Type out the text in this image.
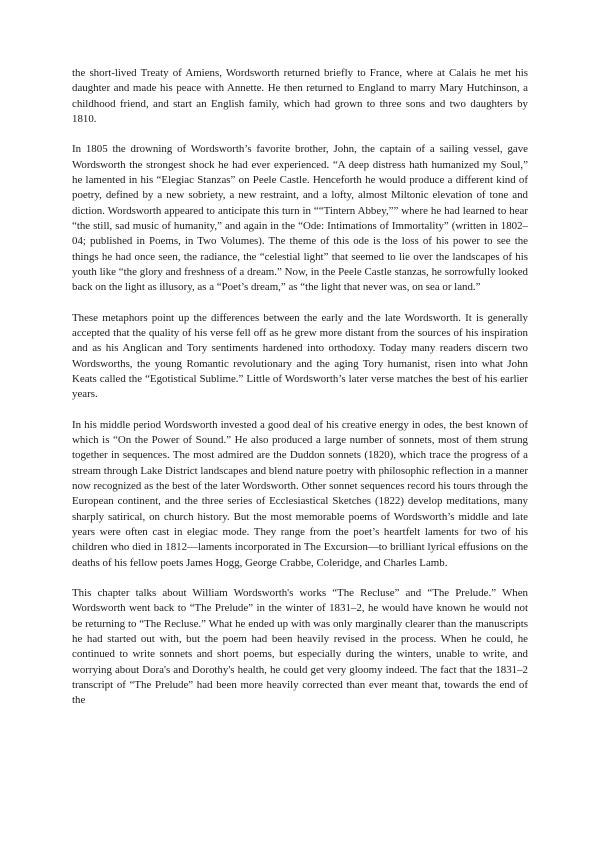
the short-lived Treaty of Amiens, Wordsworth returned briefly to France, where at Calais he met his daughter and made his peace with Annette. He then returned to England to marry Mary Hutchinson, a childhood friend, and start an English family, which had grown to three sons and two daughters by 1810.

In 1805 the drowning of Wordsworth’s favorite brother, John, the captain of a sailing vessel, gave Wordsworth the strongest shock he had ever experienced. “A deep distress hath humanized my Soul,” he lamented in his “Elegiac Stanzas” on Peele Castle. Henceforth he would produce a different kind of poetry, defined by a new sobriety, a new restraint, and a lofty, almost Miltonic elevation of tone and diction. Wordsworth appeared to anticipate this turn in ““Tintern Abbey,”” where he had learned to hear “the still, sad music of humanity,” and again in the “Ode: Intimations of Immortality” (written in 1802–04; published in Poems, in Two Volumes). The theme of this ode is the loss of his power to see the things he had once seen, the radiance, the “celestial light” that seemed to lie over the landscapes of his youth like “the glory and freshness of a dream.” Now, in the Peele Castle stanzas, he sorrowfully looked back on the light as illusory, as a “Poet’s dream,” as “the light that never was, on sea or land.”

These metaphors point up the differences between the early and the late Wordsworth. It is generally accepted that the quality of his verse fell off as he grew more distant from the sources of his inspiration and as his Anglican and Tory sentiments hardened into orthodoxy. Today many readers discern two Wordsworths, the young Romantic revolutionary and the aging Tory humanist, risen into what John Keats called the “Egotistical Sublime.” Little of Wordsworth’s later verse matches the best of his earlier years.

In his middle period Wordsworth invested a good deal of his creative energy in odes, the best known of which is “On the Power of Sound.” He also produced a large number of sonnets, most of them strung together in sequences. The most admired are the Duddon sonnets (1820), which trace the progress of a stream through Lake District landscapes and blend nature poetry with philosophic reflection in a manner now recognized as the best of the later Wordsworth. Other sonnet sequences record his tours through the European continent, and the three series of Ecclesiastical Sketches (1822) develop meditations, many sharply satirical, on church history. But the most memorable poems of Wordsworth’s middle and late years were often cast in elegiac mode. They range from the poet’s heartfelt laments for two of his children who died in 1812—laments incorporated in The Excursion—to brilliant lyrical effusions on the deaths of his fellow poets James Hogg, George Crabbe, Coleridge, and Charles Lamb.

This chapter talks about William Wordsworth's works “The Recluse” and “The Prelude.” When Wordsworth went back to “The Prelude” in the winter of 1831–2, he would have known he would not be returning to “The Recluse.” What he ended up with was only marginally clearer than the manuscripts he had started out with, but the poem had been heavily revised in the process. When he could, he continued to write sonnets and short poems, but especially during the winters, unable to write, and worrying about Dora's and Dorothy's health, he could get very gloomy indeed. The fact that the 1831–2 transcript of “The Prelude” had been more heavily corrected than ever meant that, towards the end of the
